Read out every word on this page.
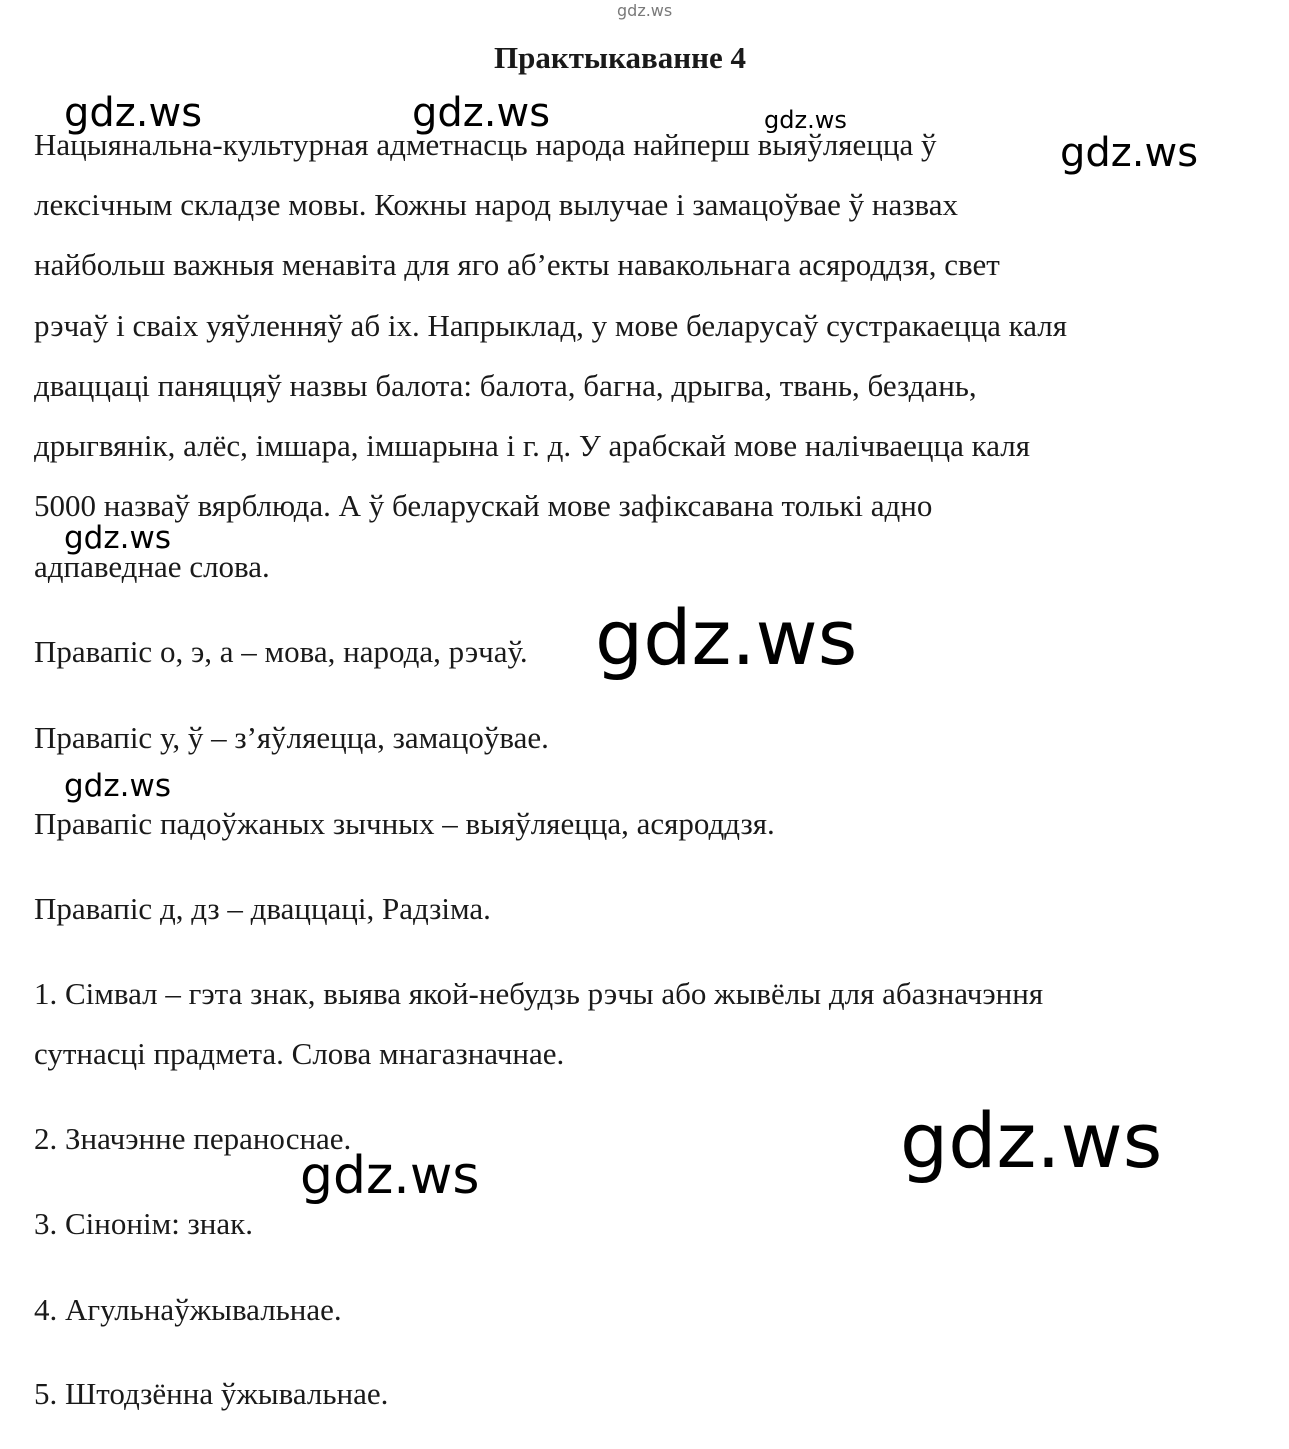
Практыкаванне 4
Нацыянальна-культурная адметнасць народа найперш выяўляецца ў
лексічным складзе мовы. Кожны народ вылучае і замацоўвае ў назвах
найбольш важныя менавіта для яго аб’екты навакольнага асяроддзя, свет
рэчаў і сваіх уяўленняў аб іх. Напрыклад, у мове беларусаў сустракаецца каля
дваццаці паняццяў назвы балота: балота, багна, дрыгва, твань, бездань,
дрыгвянік, алёс, імшара, імшарына і г. д. У арабскай мове налічваецца каля
5000 назваў вярблюда. А ў беларускай мове зафіксавана толькі адно
адпаведнае слова.
Правапіс о, э, а – мова, народа, рэчаў.
Правапіс у, ў – з’яўляецца, замацоўвае.
Правапіс падоўжаных зычных – выяўляецца, асяроддзя.
Правапіс д, дз – дваццаці, Радзіма.
1. Сімвал – гэта знак, выява якой-небудзь рэчы або жывёлы для абазначэння
сутнасці прадмета. Слова мнагазначнае.
2. Значэнне пераноснае.
3. Сінонім: знак.
4. Агульнаўжывальнае.
5. Штодзённа ўжывальнае.
gdz.ws
gdz.ws	gdz.ws	gdz.ws
gdz.ws
gdz.ws
gdz.ws
gdz.ws
gdz.ws
gdz.ws
